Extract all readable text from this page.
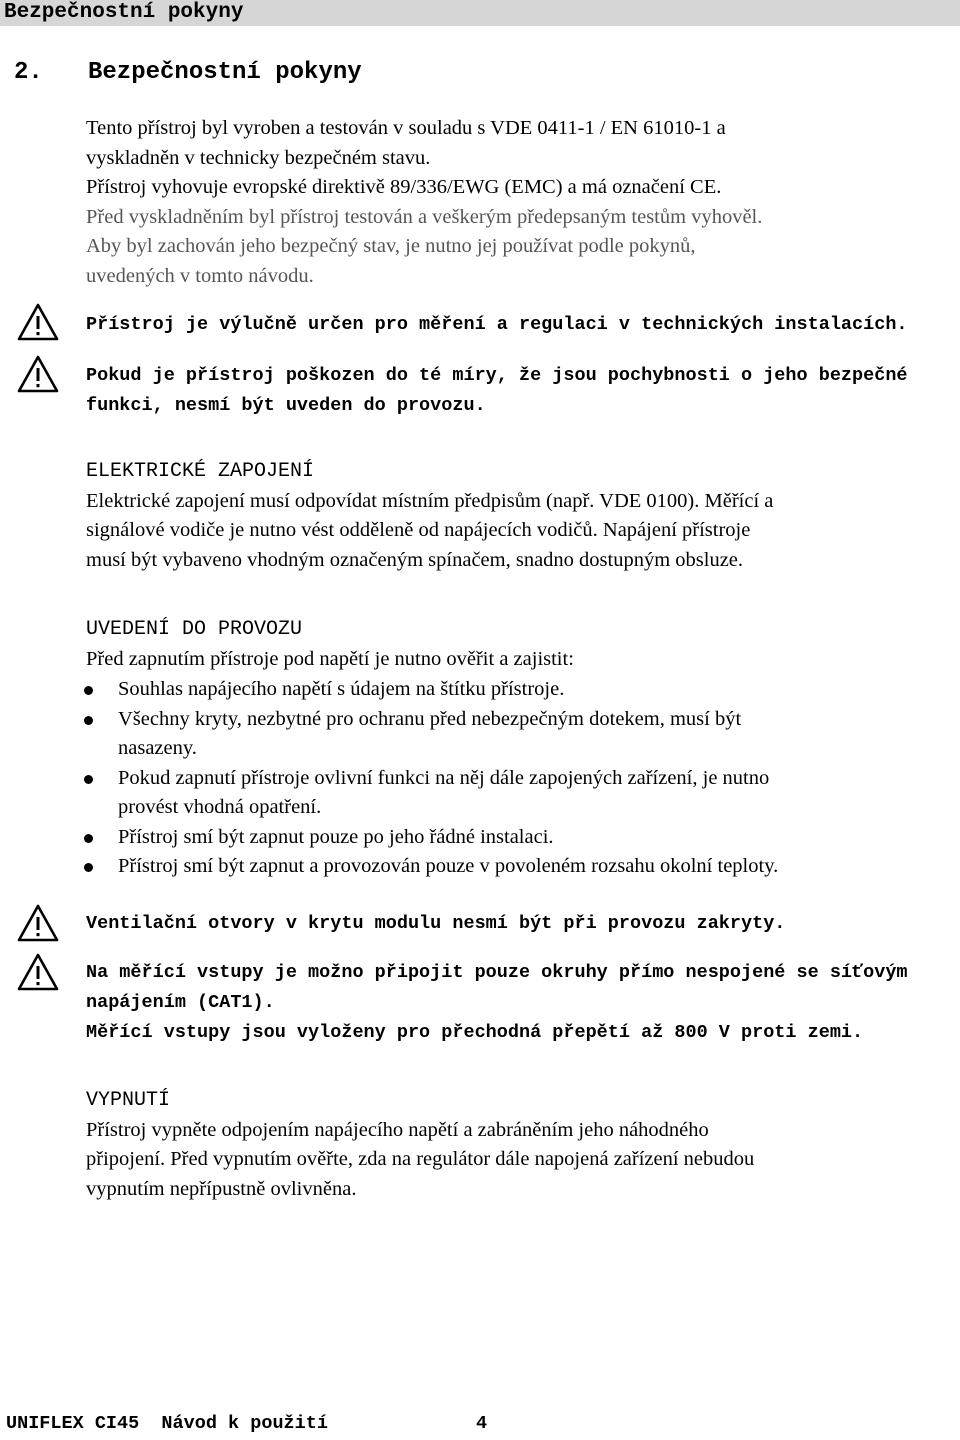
Bezpečnostní pokyny
2. Bezpečnostní pokyny
Tento přístroj byl vyroben a testován v souladu s VDE 0411-1 / EN 61010-1 a
vyskladněn v technicky bezpečném stavu.
Přístroj vyhovuje evropské direktivě 89/336/EWG (EMC) a má označení CE.
Před vyskladněním byl přístroj testován a veškerým předepsaným testům vyhověl.
Aby byl zachován jeho bezpečný stav, je nutno jej používat podle pokynů,
uvedených v tomto návodu.
Přístroj je výlučně určen pro měření a regulaci v technických instalacích.
Pokud je přístroj poškozen do té míry, že jsou pochybnosti o jeho bezpečné
funkci, nesmí být uveden do provozu.
ELEKTRICKÉ ZAPOJENÍ
Elektrické zapojení musí odpovídat místním předpisům (např. VDE 0100). Měřící a
signálové vodiče je nutno vést odděleně od napájecích vodičů. Napájení přístroje
musí být vybaveno vhodným označeným spínačem, snadno dostupným obsluze.
UVEDENÍ DO PROVOZU
Před zapnutím přístroje pod napětí je nutno ověřit a zajistit:
Souhlas napájecího napětí s údajem na štítku přístroje.
Všechny kryty, nezbytné pro ochranu před nebezpečným dotekem, musí být
nasazeny.
Pokud zapnutí přístroje ovlivní funkci na něj dále zapojených zařízení, je nutno
provést vhodná opatření.
Přístroj smí být zapnut pouze po jeho řádné instalaci.
Přístroj smí být zapnut a provozován pouze v povoleném rozsahu okolní teploty.
Ventilační otvory v krytu modulu nesmí být při provozu zakryty.
Na měřící vstupy je možno připojit pouze okruhy přímo nespojené se síťovým
napájením (CAT1).
Měřící vstupy jsou vyloženy pro přechodná přepětí až 800 V proti zemi.
VYPNUTÍ
Přístroj vypněte odpojením napájecího napětí a zabráněním jeho náhodného
připojení. Před vypnutím ověřte, zda na regulátor dále napojená zařízení nebudou
vypnutím nepřípustně ovlivněna.
UNIFLEX CI45  Návod k použití	4
